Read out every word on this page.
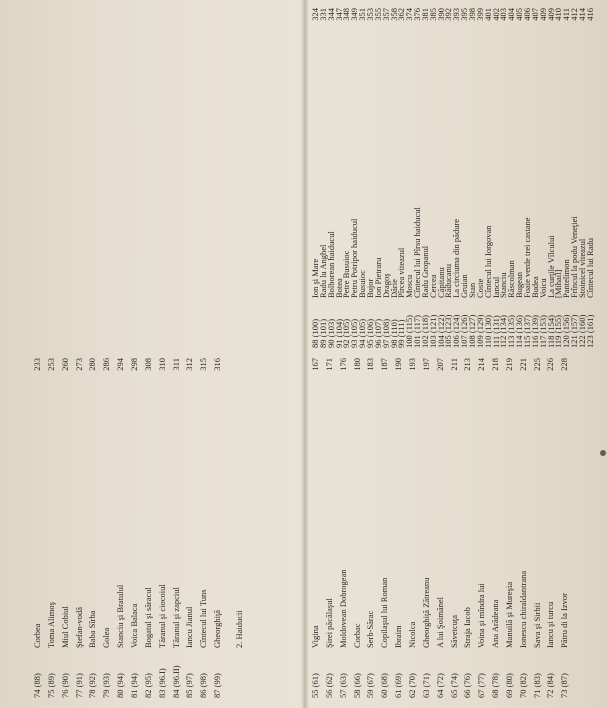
74 (88)
Corbea
233
75 (89)
Toma Alimoş
253
76 (90)
Miul Cobiul
260
77 (91)
Ştefan-vodă
273
78 (92)
Baba Sîrba
280
79 (93)
Golea
286
80 (94)
Stanciu şi Bratulul
294
81 (94)
Voica Balaca
298
82 (95)
Bogatul şi săracul
308
83 (96.I)
Tăranul şi ciocoiul
310
84 (96.II)
Tăranul şi zapciul
311
85 (97)
Iancu Jianul
312
86 (98)
Cîntecul lui Tuns
315
87 (99)
Gheorghiţă
316
2. Haiducii
55 (61)
Vigina
167
56 (62)
Şirei păcălaşul
171
57 (63)
Moldovean Dobrogean
176
58 (66)
Corbac
180
59 (67)
Serb-Sărac
183
60 (68)
Copilaşul lui Roman
187
61 (69)
Ibraim
190
62 (70)
Nicolca
193
63 (71)
Gheorghiţă Zătreanu
197
64 (72)
A lui Şoimănel
207
65 (74)
Săvetcuţa
211
66 (76)
Straja Iacob
213
67 (77)
Voina şi mîndra lui
214
68 (78)
Ana Arădeana
218
69 (80)
Manuilă şi Mureşia
219
70 (82)
Ionescu chiraldantrana
221
71 (83)
Sava şi Sirbii
225
72 (84)
Iancu şi turcu
226
73 (87)
Pătru di la Izvor
228
88 (100)
Ion şi Mare
324
89 (101)
Radu lu Anghel
331
90 (103)
Bolborean haiducul
344
91 (104)
Botea
347
92 (105)
Petre Busuioc
348
93 (105)
Petru Potripor haiducul
349
94 (105)
Busuioc
351
95 (106)
Bujor
353
96 (107)
Ion Pietraru
355
97 (108)
Dragoş
357
98 (110)
Dărie
358
99 (111)
Pîrcea viteazul
362
100 (115)
Moscu
374
101 (117)
Cîntecul lui Pîrsu haiducul
376
102 (118)
Radu Gropanul
381
103 (121)
Cercea
385
104 (122)
Căpitanu
390
105 (123)
Răducanu
392
106 (124)
La circiuma din pădure
393
107 (126)
Gruian
395
108 (127)
Stan
398
109 (129)
Coste
399
110 (130)
Cîntecul lui Iorgovan
401
111 (131)
Iancul
402
112 (134)
Stanciu
403
113 (135)
Răscolman
404
114 (136)
Bugean
405
115 (137)
Foaie verde trei castane
406
116 (139)
Budea
407
117 (153)
Voicu
409
118 (154)
La curţile Vîlcului
409
119 (155)
[Mihail]
410
120 (156)
Pantelimon
411
121 (157)
Frîncul la podu Veneţiei
412
122 (160)
Stoinicel viteazul
414
123 (161)
Cîntecul lui Radu
416
